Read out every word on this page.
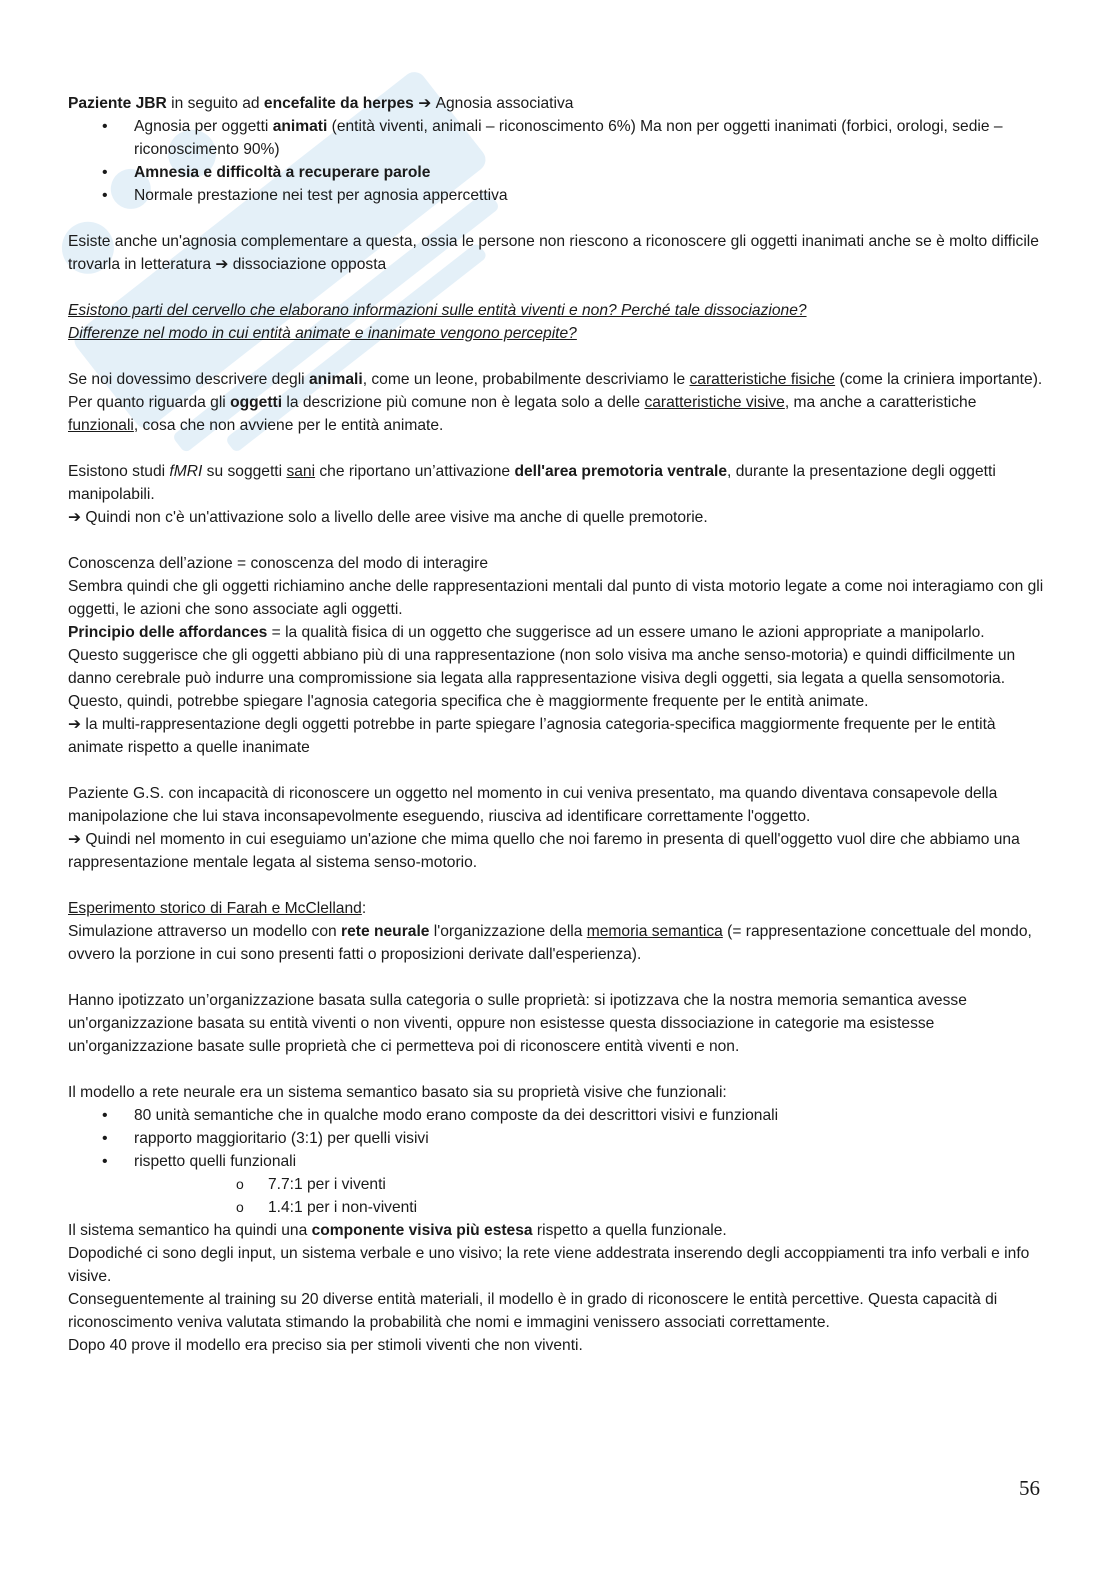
Paziente JBR in seguito ad encefalite da herpes ➔ Agnosia associativa

• Agnosia per oggetti animati (entità viventi, animali – riconoscimento 6%) Ma non per oggetti inanimati (forbici, orologi, sedie – riconoscimento 90%)
• Amnesia e difficoltà a recuperare parole
• Normale prestazione nei test per agnosia appercettiva

Esiste anche un'agnosia complementare a questa, ossia le persone non riescono a riconoscere gli oggetti inanimati anche se è molto difficile trovarla in letteratura ➔ dissociazione opposta

Esistono parti del cervello che elaborano informazioni sulle entità viventi e non? Perché tale dissociazione?

Differenze nel modo in cui entità animate e inanimate vengono percepite?

Se noi dovessimo descrivere degli animali, come un leone, probabilmente descriviamo le caratteristiche fisiche (come la criniera importante).

Per quanto riguarda gli oggetti la descrizione più comune non è legata solo a delle caratteristiche visive, ma anche a caratteristiche funzionali, cosa che non avviene per le entità animate.

Esistono studi fMRI su soggetti sani che riportano un’attivazione dell'area premotoria ventrale, durante la presentazione degli oggetti manipolabili.

➔ Quindi non c'è un'attivazione solo a livello delle aree visive ma anche di quelle premotorie.

Conoscenza dell’azione = conoscenza del modo di interagire

Sembra quindi che gli oggetti richiamino anche delle rappresentazioni mentali dal punto di vista motorio legate a come noi interagiamo con gli oggetti, le azioni che sono associate agli oggetti.

Principio delle affordances = la qualità fisica di un oggetto che suggerisce ad un essere umano le azioni appropriate a manipolarlo.

Questo suggerisce che gli oggetti abbiano più di una rappresentazione (non solo visiva ma anche senso-motoria) e quindi difficilmente un danno cerebrale può indurre una compromissione sia legata alla rappresentazione visiva degli oggetti, sia legata a quella sensomotoria.

Questo, quindi, potrebbe spiegare l'agnosia categoria specifica che è maggiormente frequente per le entità animate.

➔ la multi-rappresentazione degli oggetti potrebbe in parte spiegare l’agnosia categoria-specifica maggiormente frequente per le entità animate rispetto a quelle inanimate

Paziente G.S. con incapacità di riconoscere un oggetto nel momento in cui veniva presentato, ma quando diventava consapevole della manipolazione che lui stava inconsapevolmente eseguendo, riusciva ad identificare correttamente l'oggetto.

➔ Quindi nel momento in cui eseguiamo un'azione che mima quello che noi faremo in presenta di quell'oggetto vuol dire che abbiamo una rappresentazione mentale legata al sistema senso-motorio.

Esperimento storico di Farah e McClelland:

Simulazione attraverso un modello con rete neurale l'organizzazione della memoria semantica (= rappresentazione concettuale del mondo, ovvero la porzione in cui sono presenti fatti o proposizioni derivate dall'esperienza).

Hanno ipotizzato un’organizzazione basata sulla categoria o sulle proprietà: si ipotizzava che la nostra memoria semantica avesse un'organizzazione basata su entità viventi o non viventi, oppure non esistesse questa dissociazione in categorie ma esistesse un'organizzazione basate sulle proprietà che ci permetteva poi di riconoscere entità viventi e non.

Il modello a rete neurale era un sistema semantico basato sia su proprietà visive che funzionali:

• 80 unità semantiche che in qualche modo erano composte da dei descrittori visivi e funzionali
• rapporto maggioritario (3:1) per quelli visivi
• rispetto quelli funzionali
o 7.7:1 per i viventi
o 1.4:1 per i non-viventi

Il sistema semantico ha quindi una componente visiva più estesa rispetto a quella funzionale.

Dopodiché ci sono degli input, un sistema verbale e uno visivo; la rete viene addestrata inserendo degli accoppiamenti tra info verbali e info visive.

Conseguentemente al training su 20 diverse entità materiali, il modello è in grado di riconoscere le entità percettive. Questa capacità di riconoscimento veniva valutata stimando la probabilità che nomi e immagini venissero associati correttamente.

Dopo 40 prove il modello era preciso sia per stimoli viventi che non viventi.

56
